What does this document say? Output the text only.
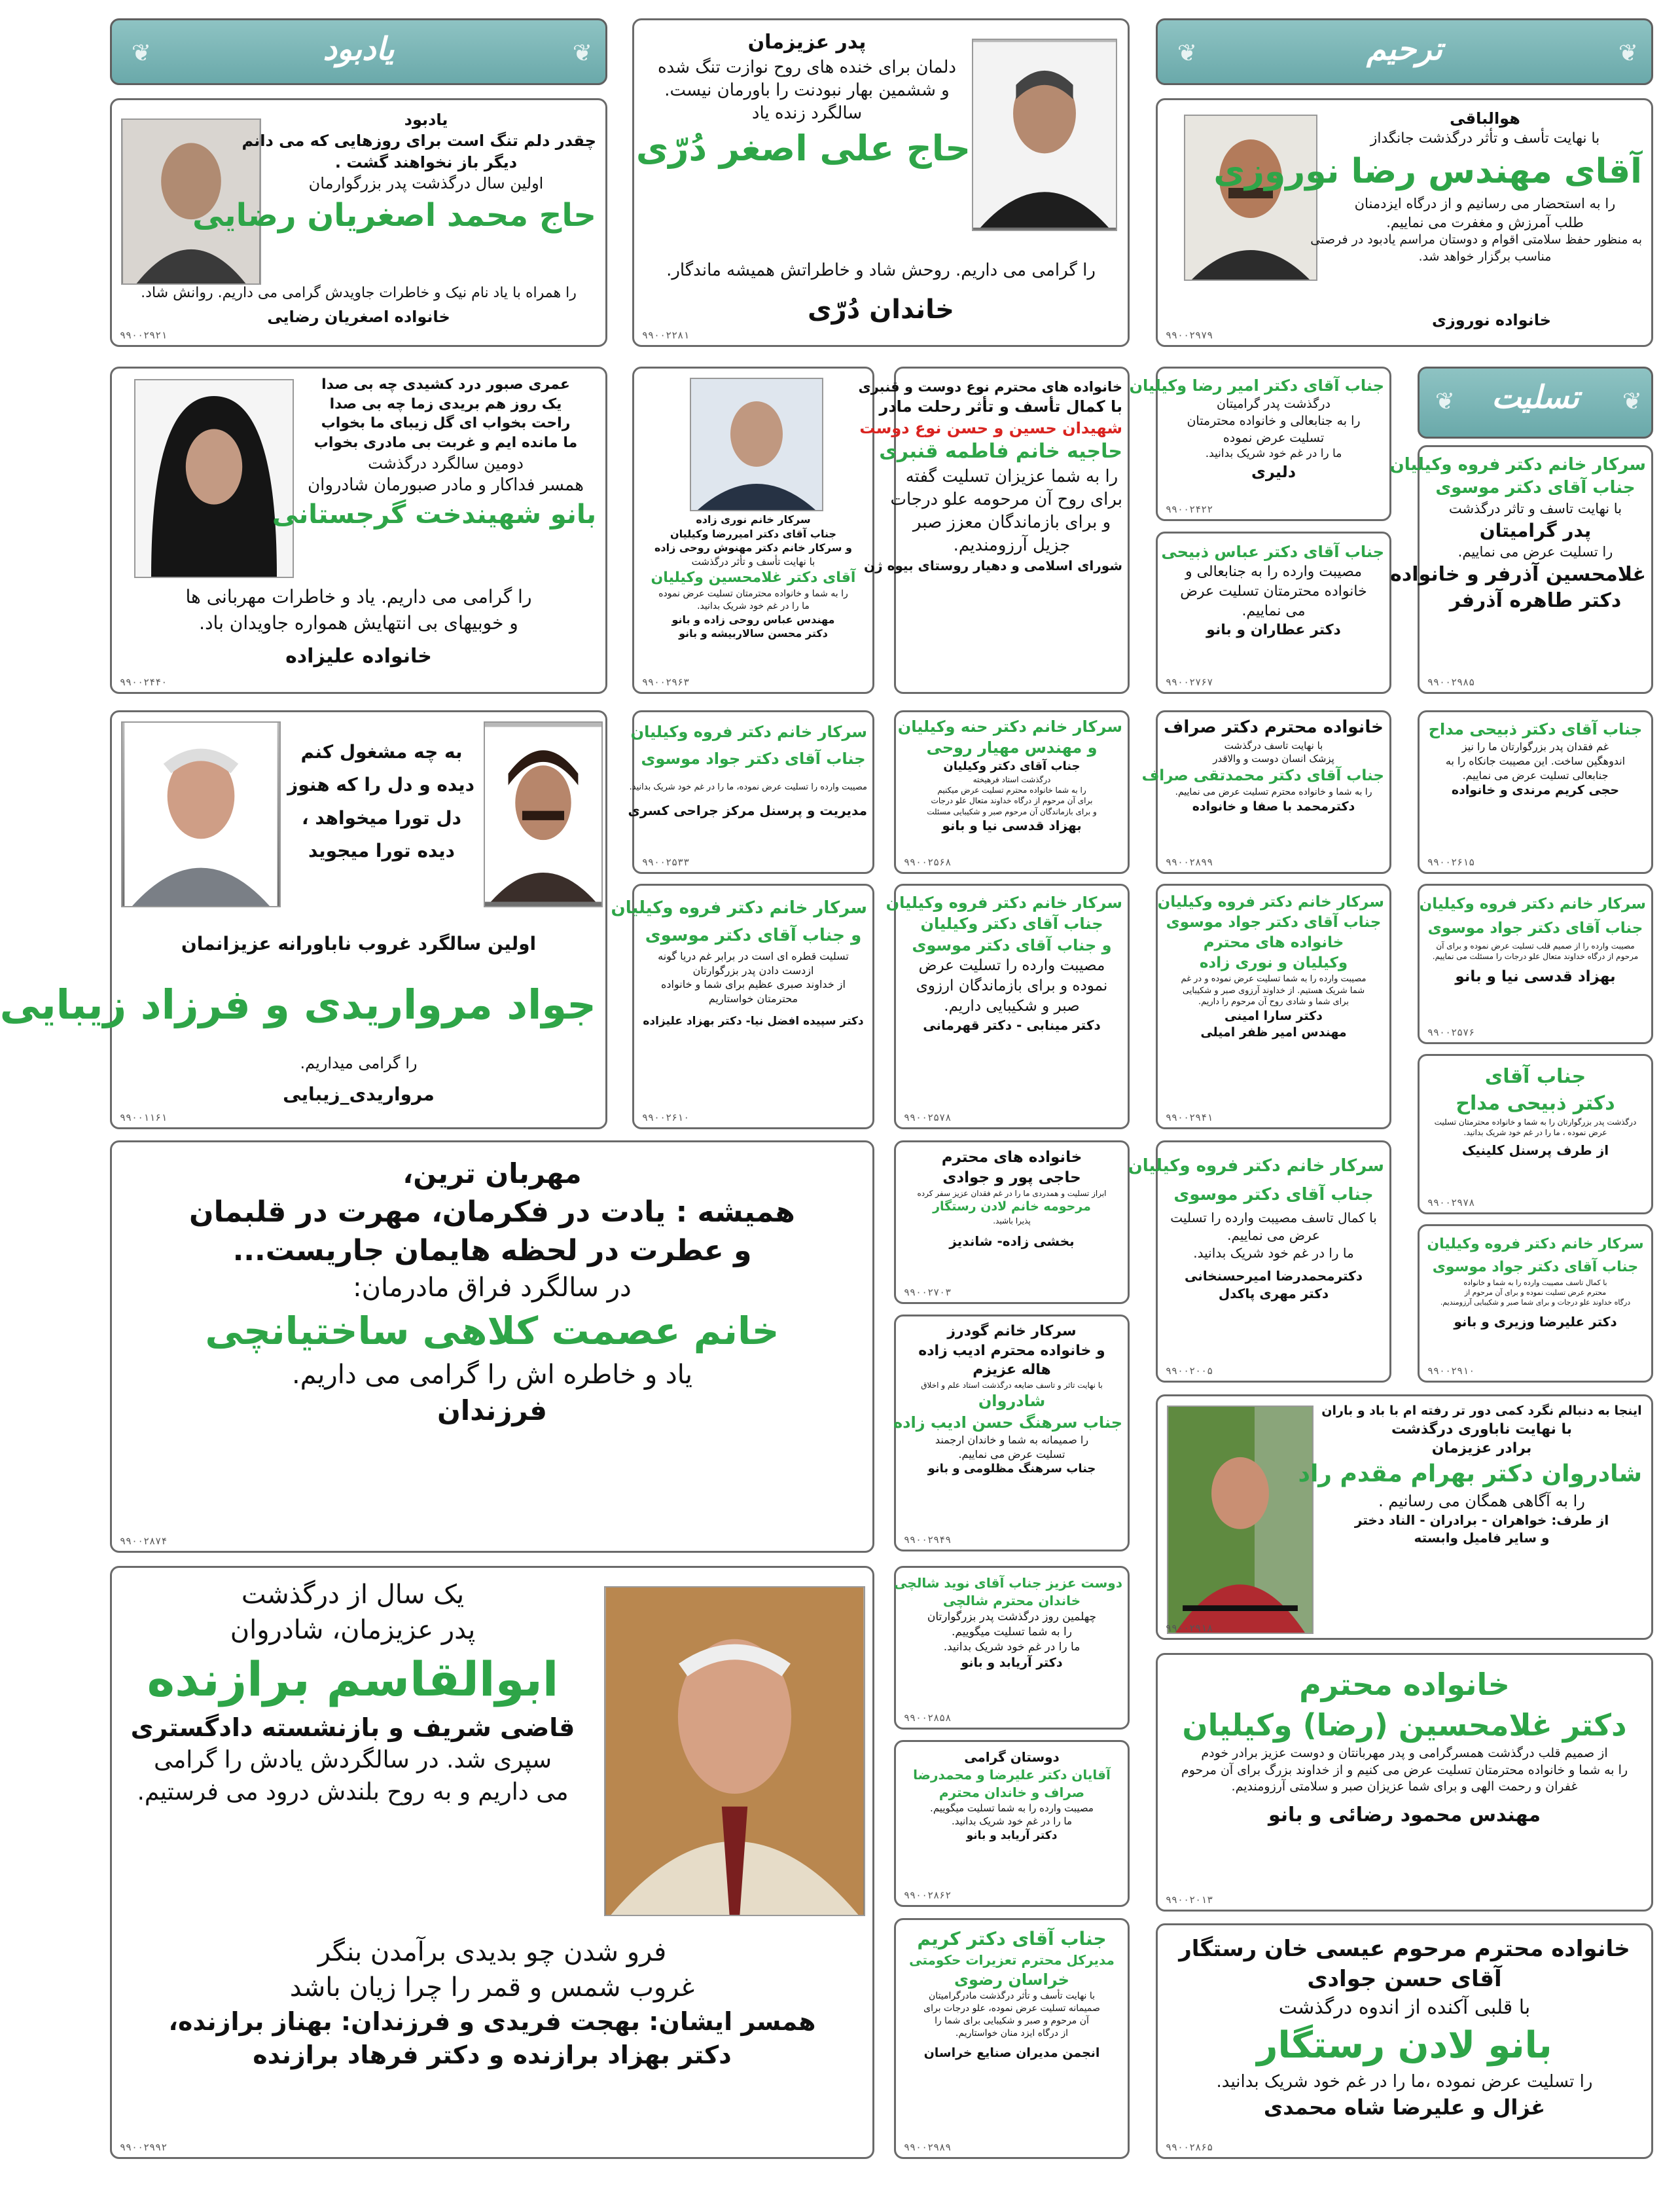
❦
❦	یادبود

یادبود

چقدر دلم تنگ است برای روزهایی که می دانم

دیگر باز نخواهند گشت .

اولین سال درگذشت پدر بزرگوارمان

حاج محمد اصغریان رضایی

را همراه با یاد نام نیک و خاطرات جاویدش گرامی می داریم. روانش شاد.

خانواده اصغریان رضایی

۹۹۰۰۲۹۲۱

پدر عزیزمان

دلمان برای خنده های روح نوازت تنگ شده

و ششمین بهار نبودنت را باورمان نیست.

سالگرد زنده یاد

حاج علی اصغر دُرّی

را گرامی می داریم. روحش شاد و خاطراتش همیشه ماندگار.

خاندان دُرّی

۹۹۰۰۲۲۸۱
❦
❦	ترحیم

هوالباقی

با نهایت تأسف و تأثر درگذشت جانگداز

آقای مهندس رضا نوروزی

را به استحضار می رسانیم و از درگاه ایزدمنان

طلب آمرزش و مغفرت می نماییم.

به منظور حفظ سلامتی اقوام و دوستان مراسم یادبود در فرصتی

مناسب برگزار خواهد شد.

خانواده نوروزی

۹۹۰۰۲۹۷۹

عمری صبور درد کشیدی چه بی صدا

یک روز هم بریدی زما چه بی صدا

راحت بخواب ای گل زیبای ما بخواب

ما مانده ایم و غربت بی مادری بخواب

دومین سالگرد درگذشت

همسر فداکار و مادر صبورمان شادروان

بانو شهیندخت گرجستانی

را گرامی می داریم. یاد و خاطرات مهربانی ها

و خوبیهای بی انتهایش همواره جاویدان باد.

خانواده علیزاده

۹۹۰۰۲۴۴۰

سرکار خانم نوری زاده

جناب آقای دکتر امیررضا وکیلیان

و سرکار خانم دکتر مهنوش روحی زاده

با نهایت تأسف و تأثر درگذشت

آقای دکتر غلامحسین وکیلیان

را به شما و خانواده محترمتان تسلیت عرض نموده

ما را در غم خود شریک بدانید.

مهندس عباس روحی زاده و بانو

دکتر محسن سالاربیشه و بانو

۹۹۰۰۲۹۶۳

خانواده های محترم نوع دوست و قنبری

با کمال تأسف و تأثر رحلت مادر

شهیدان حسین و حسن نوع دوست

حاجیه خانم فاطمه قنبری

را به شما عزیزان تسلیت گفته

برای روح آن مرحومه علو درجات

و برای بازماندگان معزز صبر

جزیل آرزومندیم.

شورای اسلامی و دهیار روستای بیوه ژن

جناب آقای دکتر امیر رضا وکیلیان

درگذشت پدر گرامیتان

را به جنابعالی و خانواده محترمتان

تسلیت عرض نموده

ما را در غم خود شریک بدانید.

دلیری

۹۹۰۰۲۴۲۲

جناب آقای دکتر عباس ذبیحی

مصیبت وارده را به جنابعالی و

خانواده محترمتان تسلیت عرض

می نماییم.

دکتر عطاران و بانو

۹۹۰۰۲۷۶۷
❦
❦	تسلیت

سرکار خانم دکتر فروه وکیلیان

جناب آقای دکتر موسوی

با نهایت تاسف و تاثر درگذشت

پدر گرامیتان

را تسلیت عرض می نماییم.

غلامحسین آذرفر و خانواده

دکتر طاهره آذرفر

۹۹۰۰۲۹۸۵

به چه مشغول کنم

دیده و دل را که هنوز

دل تورا میخواهد ،

دیده تورا میجوید

اولین سالگرد غروب ناباورانه عزیزانمان

جواد مرواریدی و فرزاد زیبایی

را گرامی میداریم.

مرواریدی_زیبایی

۹۹۰۰۱۱۶۱

سرکار خانم دکتر فروه وکیلیان

جناب آقای دکتر جواد موسوی

مصیبت وارده را تسلیت عرض نموده، ما را در غم خود شریک بدانید.

مدیریت و پرسنل مرکز جراحی کسری

۹۹۰۰۲۵۳۳

سرکار خانم دکتر حنه وکیلیان

و مهندس مهیار روحی

جناب آقای دکتر وکیلیان

درگذشت استاد فرهیخته

را به شما خانواده محترم تسلیت عرض میکنیم

برای آن مرحوم از درگاه خداوند متعال علو درجات

و برای بازماندگان آن مرحوم صبر و شکیبایی مسئلت

بهزاد قدسی نیا و بانو

۹۹۰۰۲۵۶۸

خانواده محترم دکتر صراف

با نهایت تاسف درگذشت

پزشک انسان دوست و والاقدر

جناب آقای دکتر محمدتقی صراف

را به شما و خانواده محترم تسلیت عرض می نماییم.

دکترمحمد با صفا و خانواده

۹۹۰۰۲۸۹۹

جناب آقای دکتر ذبیحی مداح

غم فقدان پدر بزرگوارتان ما را نیز

اندوهگین ساخت. این مصیبت جانکاه را به

جنابعالی تسلیت عرض می نماییم.

حجی کریم مرندی و خانواده

۹۹۰۰۲۶۱۵

سرکار خانم دکتر فروه وکیلیان

و جناب آقای دکتر موسوی

تسلیت قطره ای است در برابر غم دریا گونه

ازدست دادن پدر بزرگوارتان

از خداوند صبری عظیم برای شما و خانواده

محترمتان خواستاریم

دکتر سپیده افضل نیا- دکتر بهزاد علیزاده

۹۹۰۰۲۶۱۰

سرکار خانم دکتر فروه وکیلیان

جناب آقای دکتر وکیلیان

و جناب آقای دکتر موسوی

مصیبت وارده را تسلیت عرض

نموده و برای بازماندگان ارزوی

صبر و شکیبایی داریم.

دکتر مینابی - دکتر قهرمانی

۹۹۰۰۲۵۷۸

سرکار خانم دکتر فروه وکیلیان

جناب آقای دکتر جواد موسوی

خانواده های محترم

وکیلیان و نوری زاده

مصیبت وارده را به شما تسلیت عرض نموده و در غم

شما شریک هستیم. از خداوند آرزوی صبر و شکیبایی

برای شما و شادی روح آن مرحوم را داریم.

دکتر سارا امینی

مهندس امیر ظفر امیلی

۹۹۰۰۲۹۴۱

سرکار خانم دکتر فروه وکیلیان

جناب آقای دکتر جواد موسوی

مصیبت وارده را از صمیم قلب تسلیت عرض نموده و برای آن

مرحوم از درگاه خداوند متعال علو درجات را مسئلت می نماییم.

بهزاد قدسی نیا و بانو

۹۹۰۰۲۵۷۶

جناب آقای

دکتر ذبیحی مداح

درگذشت پدر بزرگوارتان را به شما و خانواده محترمتان تسلیت

عرض نموده ، ما را در غم خود شریک بدانید.

از طرف پرسنل کلینیک

۹۹۰۰۲۹۷۸

مهربان ترین،

همیشه : یادت در فکرمان، مهرت در قلبمان

و عطرت در لحظه هایمان جاریست...

در سالگرد فراق مادرمان:

خانم عصمت کلاهی ساختیانچی

یاد و خاطره اش را گرامی می داریم.

فرزندان

۹۹۰۰۲۸۷۴

خانواده های محترم

حاجی پور و جوادی

ابراز تسلیت و همدردی ما را در غم فقدان عزیز سفر کرده

مرحومه خانم لادن رستگار

پذیرا باشید.

بخشی زاده- شاندیز

۹۹۰۰۲۷۰۳

سرکار خانم دکتر فروه وکیلیان

جناب آقای دکتر موسوی

با کمال تاسف مصیبت وارده را تسلیت

عرض می نماییم.

ما را در غم خود شریک بدانید.

دکترمحمدرضا امیرحسنخانی

دکتر مهری پاکدل

۹۹۰۰۲۰۰۵

سرکار خانم دکتر فروه وکیلیان

جناب آقای دکتر جواد موسوی

با کمال تاسف مصیبت وارده را به شما و خانواده

محترم عرض تسلیت نموده و برای آن مرحوم از

درگاه خداوند علو درجات و برای شما صبر و شکیبایی آرزومندیم.

دکتر علیرضا وزیری و بانو

۹۹۰۰۲۹۱۰

سرکار خانم گودرز

و خانواده محترم ادیب زاده

هاله عزیزم

با نهایت تاثر و تاسف ضایعه درگذشت استاد علم و اخلاق

شادروان

جناب سرهنگ حسن ادیب زاده

را صمیمانه به شما و خاندان ارجمند

تسلیت عرض می نماییم.

جناب سرهنگ مظلومی و بانو

۹۹۰۰۲۹۴۹

اینجا به دنبالم نگرد کمی دور تر رفته ام با باد و باران

با نهایت ناباوری درگذشت

برادر عزیزمان

شادروان دکتر بهرام مقدم راد

را به آگاهی همگان می رسانیم .

از طرف: خواهران - برادران - الناد دختر

و سایر فامیل وابسته

۹۹۰۰۲۹۱۸

یک سال از درگذشت

پدر عزیزمان، شادروان

ابوالقاسم برازنده

قاضی شریف و بازنشسته دادگستری

سپری شد. در سالگردش یادش را گرامی

می داریم و به روح بلندش درود می فرستیم.

فرو شدن چو بدیدی برآمدن بنگر

غروب شمس و قمر را چرا زیان باشد

همسر ایشان: بهجت فریدی و فرزندان: بهناز برازنده،

دکتر بهزاد برازنده و دکتر فرهاد برازنده

۹۹۰۰۲۹۹۲

دوست عزیز جناب آقای نوید شالچی

خاندان محترم شالچی

چهلمین روز درگذشت پدر بزرگوارتان

را به شما تسلیت میگوییم.

ما را در غم خود شریک بدانید.

دکتر آریابد و بانو

۹۹۰۰۲۸۵۸

خانواده محترم

دکتر غلامحسین (رضا) وکیلیان

از صمیم قلب درگذشت همسرگرامی و پدر مهربانتان و دوست عزیز برادر خودم

را به شما و خانواده محترمتان تسلیت عرض می کنیم و از خداوند بزرگ برای آن مرحوم

غفران و رحمت الهی و برای شما عزیزان صبر و سلامتی آرزومندیم.

مهندس محمود رضائی و بانو

۹۹۰۰۲۰۱۳

دوستان گرامی

آقایان دکتر علیرضا و محمدرضا

صراف و خاندان محترم

مصیبت وارده را به شما تسلیت میگوییم.

ما را در غم خود شریک بدانید.

دکتر آریابد و بانو

۹۹۰۰۲۸۶۲

جناب آقای دکتر کریم

مدیرکل محترم تعزیرات حکومتی

خراسان رضوی

با نهایت تأسف و تأثر درگذشت مادرگرامیتان

صمیمانه تسلیت عرض نموده، علو درجات برای

آن مرحوم و صبر و شکیبایی برای شما را

از درگاه ایزد منان خواستاریم.

انجمن مدیران صنایع خراسان

۹۹۰۰۲۹۸۹

خانواده محترم مرحوم عیسی خان رستگار

آقای حسن جوادی

با قلبی آکنده از اندوه درگذشت

بانو لادن رستگار

را تسلیت عرض نموده ،ما را در غم خود شریک بدانید.

غزال و علیرضا شاه محمدی

۹۹۰۰۲۸۶۵
